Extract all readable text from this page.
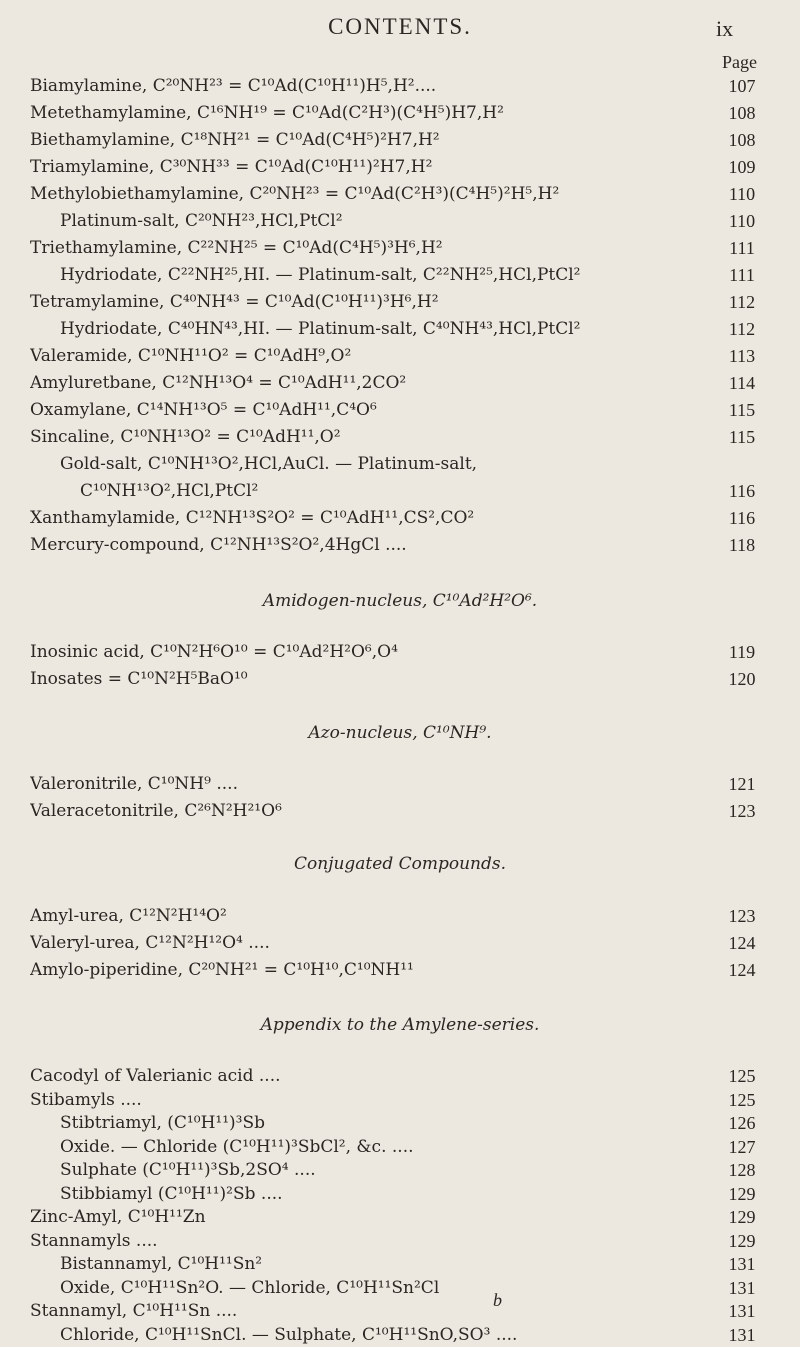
CONTENTS.	ix
Page
Biamylamine, C²⁰NH²³ = C¹⁰Ad(C¹⁰H¹¹)H⁵,H²....	107
Metethamylamine, C¹⁶NH¹⁹ = C¹⁰Ad(C²H³)(C⁴H⁵)H7,H²	108
Biethamylamine, C¹⁸NH²¹ = C¹⁰Ad(C⁴H⁵)²H7,H²	108
Triamylamine, C³⁰NH³³ = C¹⁰Ad(C¹⁰H¹¹)²H7,H²	109
Methylobiethamylamine, C²⁰NH²³ = C¹⁰Ad(C²H³)(C⁴H⁵)²H⁵,H²	110
Platinum-salt, C²⁰NH²³,HCl,PtCl²	110
Triethamylamine, C²²NH²⁵ = C¹⁰Ad(C⁴H⁵)³H⁶,H²	111
Hydriodate, C²²NH²⁵,HI. — Platinum-salt, C²²NH²⁵,HCl,PtCl²	111
Tetramylamine, C⁴⁰NH⁴³ = C¹⁰Ad(C¹⁰H¹¹)³H⁶,H²	112
Hydriodate, C⁴⁰HN⁴³,HI. — Platinum-salt, C⁴⁰NH⁴³,HCl,PtCl²	112
Valeramide, C¹⁰NH¹¹O² = C¹⁰AdH⁹,O²	113
Amyluretbane, C¹²NH¹³O⁴ = C¹⁰AdH¹¹,2CO²	114
Oxamylane, C¹⁴NH¹³O⁵ = C¹⁰AdH¹¹,C⁴O⁶	115
Sincaline, C¹⁰NH¹³O² = C¹⁰AdH¹¹,O²	115
Gold-salt, C¹⁰NH¹³O²,HCl,AuCl. — Platinum-salt,
C¹⁰NH¹³O²,HCl,PtCl²	116
Xanthamylamide, C¹²NH¹³S²O² = C¹⁰AdH¹¹,CS²,CO²	116
Mercury-compound, C¹²NH¹³S²O²,4HgCl ....	118
Amidogen-nucleus, C¹⁰Ad²H²O⁶.
Inosinic acid, C¹⁰N²H⁶O¹⁰ = C¹⁰Ad²H²O⁶,O⁴	119
Inosates = C¹⁰N²H⁵BaO¹⁰	120
Azo-nucleus, C¹⁰NH⁹.
Valeronitrile, C¹⁰NH⁹ ....	121
Valeracetonitrile, C²⁶N²H²¹O⁶	123
Conjugated Compounds.
Amyl-urea, C¹²N²H¹⁴O²	123
Valeryl-urea, C¹²N²H¹²O⁴ ....	124
Amylo-piperidine, C²⁰NH²¹ = C¹⁰H¹⁰,C¹⁰NH¹¹	124
Appendix to the Amylene-series.
Cacodyl of Valerianic acid ....	125
Stibamyls ....	125
Stibtriamyl, (C¹⁰H¹¹)³Sb	126
Oxide. — Chloride (C¹⁰H¹¹)³SbCl², &c. ....	127
Sulphate (C¹⁰H¹¹)³Sb,2SO⁴ ....	128
Stibbiamyl (C¹⁰H¹¹)²Sb ....	129
Zinc-Amyl, C¹⁰H¹¹Zn	129
Stannamyls ....	129
Bistannamyl, C¹⁰H¹¹Sn²	131
Oxide, C¹⁰H¹¹Sn²O. — Chloride, C¹⁰H¹¹Sn²Cl	131
Stannamyl, C¹⁰H¹¹Sn ....	131
Chloride, C¹⁰H¹¹SnCl. — Sulphate, C¹⁰H¹¹SnO,SO³ ....	131
b
